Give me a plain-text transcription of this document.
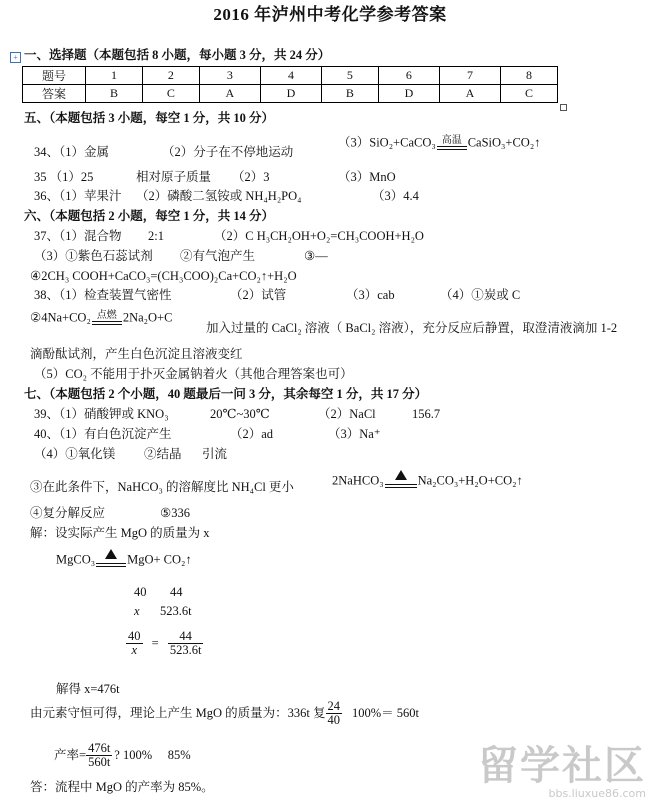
2016 年泸州中考化学参考答案
+ 一、选择题（本题包括 8 小题，每小题 3 分，共 24 分）
题号	1	2	3	4	5	6	7	8
答案	B	C	A	D	B	D	A	C
五、（本题包括 3 小题，每空 1 分，共 10 分）
34、（1）金属	（2）分子在不停地运动
（3）SiO₂+CaCO₃ 高温 CaSiO₃+CO₂↑
35 （1）25	相对原子质量 （2）3	（3）MnO
36、（1）苹果汁 （2）磷酸二氢铵或 NH₄H₂PO₄	（3）4.4
六、（本题包括 2 小题，每空 1 分，共 14 分）
37、（1）混合物 2:1	（2）C H₃CH₂OH+O₂=CH₃COOH+H₂O
（3）①紫色石蕊试剂 ②有气泡产生	③—
④2CH₃ COOH+CaCO₃=(CH₃COO)₂Ca+CO₂↑+H₂O
38、（1）检查装置气密性	（2）试管	（3）cab	（4）①炭或 C
②4Na+CO₂ 点燃 2Na₂O+C
加入过量的 CaCl₂ 溶液（ BaCl₂ 溶液），充分反应后静置，取澄清液滴加 1-2
滴酚酞试剂，产生白色沉淀且溶液变红
（5）CO₂ 不能用于扑灭金属钠着火（其他合理答案也可）
七、（本题包括 2 个小题，40 题最后一问 3 分，其余每空 1 分，共 17 分）
39、（1）硝酸钾或 KNO₃	20℃~30℃	（2）NaCl	156.7
40、（1）有白色沉淀产生	（2）ad	（3）Na⁺
（4）①氧化镁 ②结晶 引流
③在此条件下，NaHCO₃ 的溶解度比 NH₄Cl 更小	2NaHCO₃	Na₂CO₃+H₂O+CO₂↑
④复分解反应	⑤336
解：设实际产生 MgO 的质量为 x
MgCO₃	MgO+ CO₂↑
40 44
x 523.6t
$\frac{40}{x} = \frac{44}{523.6t}$
解得 x=476t
由元素守恒可得，理论上产生 MgO 的质量为：336t 复 $\frac{24}{40} 100\%= 560t$
产率= $\frac{476t}{560t}$ ? 100%　 85%
答：流程中 MgO 的产率为 85%。	留学社区
bbs.liuxue86.com
